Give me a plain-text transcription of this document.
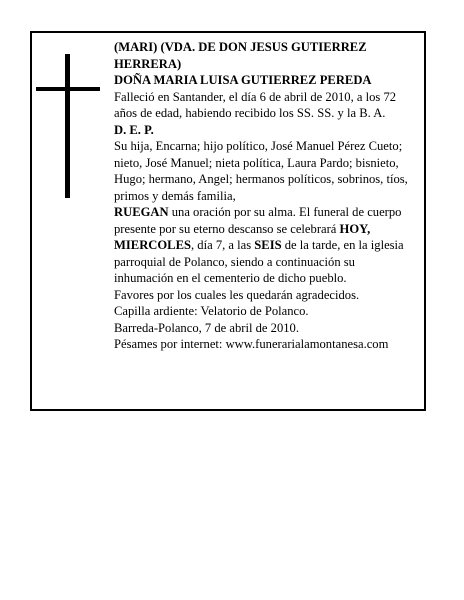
(MARI) (VDA. DE DON JESUS GUTIERREZ HERRERA)

DOÑA MARIA LUISA GUTIERREZ PEREDA

Falleció en Santander, el día 6 de abril de 2010, a los 72 años de edad, habiendo recibido los SS. SS. y la B. A.

D. E. P.

Su hija, Encarna; hijo político, José Manuel Pérez Cueto; nieto, José Manuel; nieta política, Laura Pardo; bisnieto, Hugo; hermano, Angel; hermanos políticos, sobrinos, tíos, primos y demás familia,

RUEGAN una oración por su alma. El funeral de cuerpo presente por su eterno descanso se celebrará HOY, MIERCOLES, día 7, a las SEIS de la tarde, en la iglesia parroquial de Polanco, siendo a continuación su inhumación en el cementerio de dicho pueblo.

Favores por los cuales les quedarán agradecidos.

Capilla ardiente: Velatorio de Polanco.

Barreda-Polanco, 7 de abril de 2010.

Pésames por internet: www.funerarialamontanesa.com
